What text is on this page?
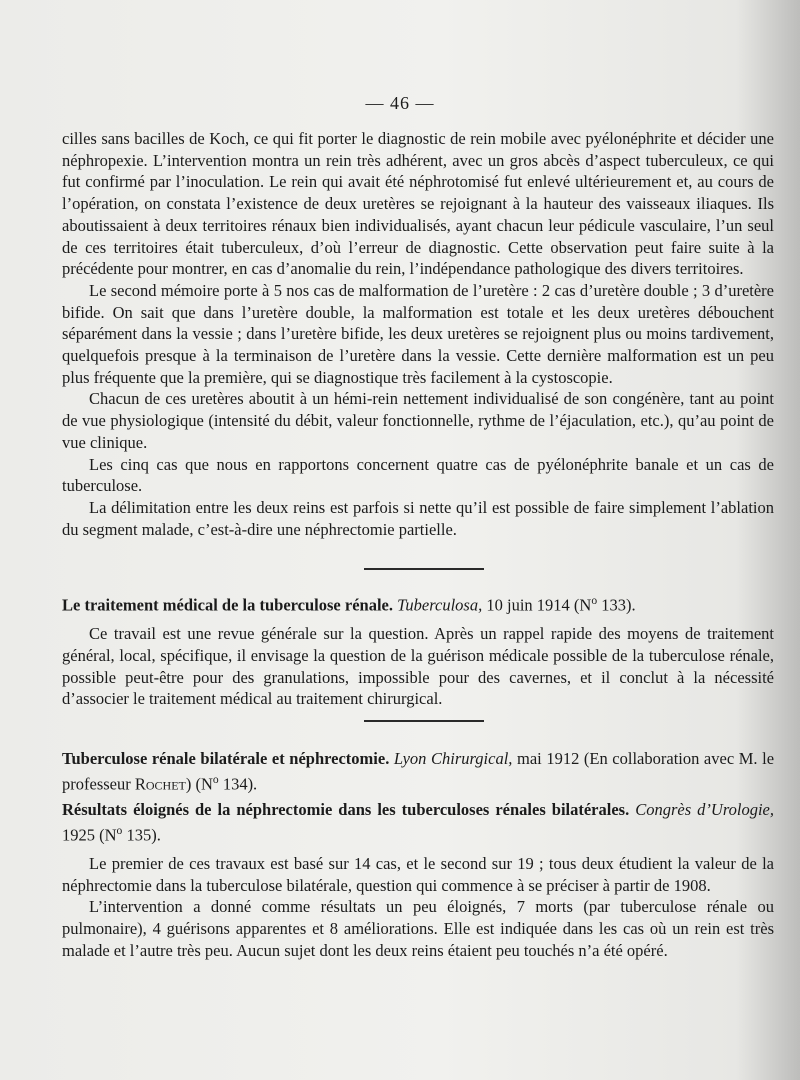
— 46 —

cilles sans bacilles de Koch, ce qui fit porter le diagnostic de rein mobile avec pyélonéphrite et décider une néphropexie. L’intervention montra un rein très adhérent, avec un gros abcès d’aspect tuberculeux, ce qui fut confirmé par l’inoculation. Le rein qui avait été néphrotomisé fut enlevé ultérieurement et, au cours de l’opération, on constata l’existence de deux uretères se rejoignant à la hauteur des vaisseaux iliaques. Ils aboutissaient à deux territoires rénaux bien individualisés, ayant chacun leur pédicule vasculaire, l’un seul de ces territoires était tuberculeux, d’où l’erreur de diagnostic. Cette observation peut faire suite à la précédente pour montrer, en cas d’anomalie du rein, l’indépendance pathologique des divers territoires.

Le second mémoire porte à 5 nos cas de malformation de l’uretère : 2 cas d’uretère double ; 3 d’uretère bifide. On sait que dans l’uretère double, la malformation est totale et les deux uretères débouchent séparément dans la vessie ; dans l’uretère bifide, les deux uretères se rejoignent plus ou moins tardivement, quelquefois presque à la terminaison de l’uretère dans la vessie. Cette dernière malformation est un peu plus fréquente que la première, qui se diagnostique très facilement à la cystoscopie.

Chacun de ces uretères aboutit à un hémi-rein nettement individualisé de son congénère, tant au point de vue physiologique (intensité du débit, valeur fonctionnelle, rythme de l’éjaculation, etc.), qu’au point de vue clinique.

Les cinq cas que nous en rapportons concernent quatre cas de pyélonéphrite banale et un cas de tuberculose.

La délimitation entre les deux reins est parfois si nette qu’il est possible de faire simplement l’ablation du segment malade, c’est-à-dire une néphrectomie partielle.

Le traitement médical de la tuberculose rénale. Tuberculosa, 10 juin 1914 ($N^o$ 133).

Ce travail est une revue générale sur la question. Après un rappel rapide des moyens de traitement général, local, spécifique, il envisage la question de la guérison médicale possible de la tuberculose rénale, possible peut-être pour des granulations, impossible pour des cavernes, et il conclut à la nécessité d’associer le traitement médical au traitement chirurgical.

Tuberculose rénale bilatérale et néphrectomie. Lyon Chirurgical, mai 1912 (En collaboration avec M. le professeur Rochet) ($N^o$ 134).

Résultats éloignés de la néphrectomie dans les tuberculoses rénales bilatérales. Congrès d’Urologie, 1925 ($N^o$ 135).

Le premier de ces travaux est basé sur 14 cas, et le second sur 19 ; tous deux étudient la valeur de la néphrectomie dans la tuberculose bilatérale, question qui commence à se préciser à partir de 1908.

L’intervention a donné comme résultats un peu éloignés, 7 morts (par tuberculose rénale ou pulmonaire), 4 guérisons apparentes et 8 améliorations. Elle est indiquée dans les cas où un rein est très malade et l’autre très peu. Aucun sujet dont les deux reins étaient peu touchés n’a été opéré.
